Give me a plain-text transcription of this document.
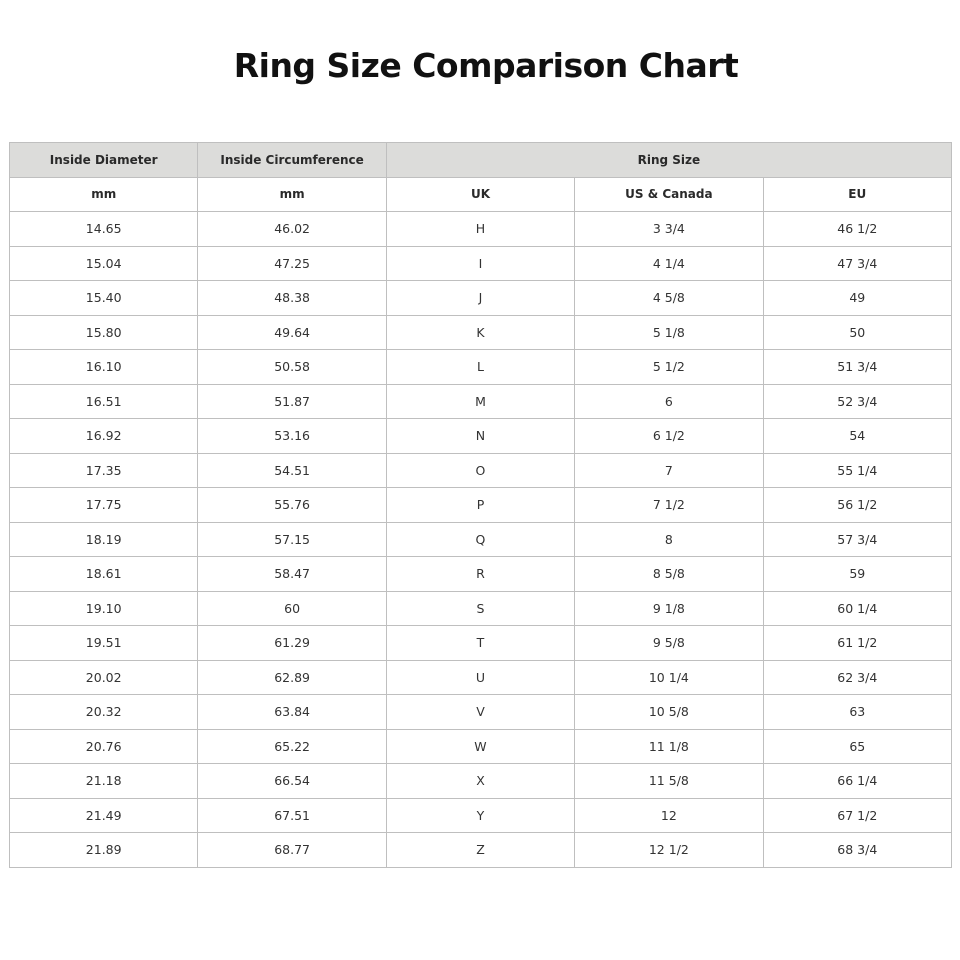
Ring Size Comparison Chart
Inside Diameter	Inside Circumference	Ring Size		
mm	mm	UK	US & Canada	EU
14.65	46.02	H	3 3/4	46 1/2
15.04	47.25	I	4 1/4	47 3/4
15.40	48.38	J	4 5/8	49
15.80	49.64	K	5 1/8	50
16.10	50.58	L	5 1/2	51 3/4
16.51	51.87	M	6	52 3/4
16.92	53.16	N	6 1/2	54
17.35	54.51	O	7	55 1/4
17.75	55.76	P	7 1/2	56 1/2
18.19	57.15	Q	8	57 3/4
18.61	58.47	R	8 5/8	59
19.10	60	S	9 1/8	60 1/4
19.51	61.29	T	9 5/8	61 1/2
20.02	62.89	U	10 1/4	62 3/4
20.32	63.84	V	10 5/8	63
20.76	65.22	W	11 1/8	65
21.18	66.54	X	11 5/8	66 1/4
21.49	67.51	Y	12	67 1/2
21.89	68.77	Z	12 1/2	68 3/4
